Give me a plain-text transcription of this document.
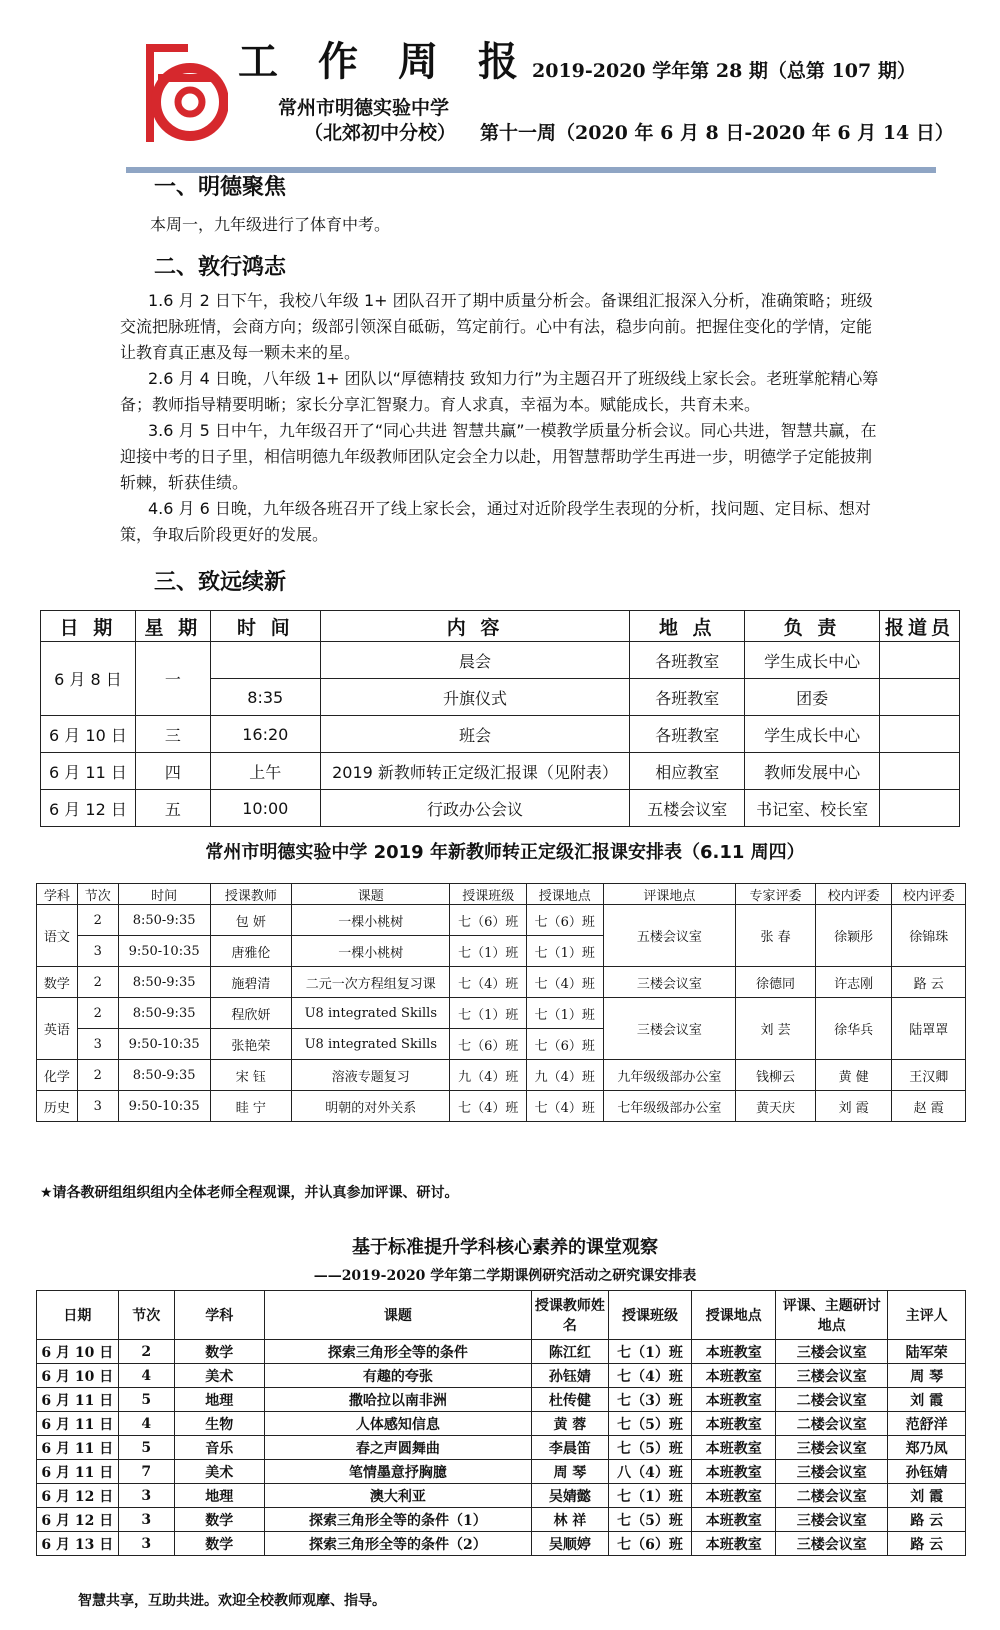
2012
工作周报
2019-2020 学年第 28 期（总第 107 期）
常州市明德实验中学
（北郊初中分校） 第十一周（2020 年 6 月 8 日-2020 年 6 月 14 日）
一、明德聚焦
本周一，九年级进行了体育中考。
二、敦行鸿志
1.6 月 2 日下午，我校八年级 1+ 团队召开了期中质量分析会。备课组汇报深入分析，准确策略；班级交流把脉班情，会商方向；级部引领深自砥砺，笃定前行。心中有法，稳步向前。把握住变化的学情，定能让教育真正惠及每一颗未来的星。
2.6 月 4 日晚，八年级 1+ 团队以“厚德精技 致知力行”为主题召开了班级线上家长会。老班掌舵精心筹备；教师指导精要明晰；家长分享汇智聚力。育人求真，幸福为本。赋能成长，共育未来。
3.6 月 5 日中午，九年级召开了“同心共进 智慧共赢”一模教学质量分析会议。同心共进，智慧共赢，在迎接中考的日子里，相信明德九年级教师团队定会全力以赴，用智慧帮助学生再进一步，明德学子定能披荆斩棘，斩获佳绩。
4.6 月 6 日晚，九年级各班召开了线上家长会，通过对近阶段学生表现的分析，找问题、定目标、想对策，争取后阶段更好的发展。
三、致远续新
日 期	星 期	时 间	内 容	地 点	负 责	报道员
6 月 8 日	一		晨会	各班教室	学生成长中心	
		8:35	升旗仪式	各班教室	团委	
6 月 10 日	三	16:20	班会	各班教室	学生成长中心	
6 月 11 日	四	上午	2019 新教师转正定级汇报课（见附表）	相应教室	教师发展中心	
6 月 12 日	五	10:00	行政办公会议	五楼会议室	书记室、校长室	
常州市明德实验中学 2019 年新教师转正定级汇报课安排表（6.11 周四）
学科	节次	时间	授课教师	课题	授课班级	授课地点	评课地点	专家评委	校内评委	校内评委
语文	2	8:50-9:35	包 妍	一棵小桃树	七（6）班	七（6）班	五楼会议室	张 春	徐颖彤	徐锦珠
	3	9:50-10:35	唐雅伦	一棵小桃树	七（1）班	七（1）班				
数学	2	8:50-9:35	施碧清	二元一次方程组复习课	七（4）班	七（4）班	三楼会议室	徐德同	许志刚	路 云
英语	2	8:50-9:35	程欣妍	U8 integrated Skills	七（1）班	七（1）班	三楼会议室	刘 芸	徐华兵	陆罩罩
	3	9:50-10:35	张艳荣	U8 integrated Skills	七（6）班	七（6）班				
化学	2	8:50-9:35	宋 钰	溶液专题复习	九（4）班	九（4）班	九年级级部办公室	钱柳云	黄 健	王汉卿
历史	3	9:50-10:35	眭 宁	明朝的对外关系	七（4）班	七（4）班	七年级级部办公室	黄天庆	刘 霞	赵 霞
★请各教研组组织组内全体老师全程观课，并认真参加评课、研讨。
基于标准提升学科核心素养的课堂观察
——2019-2020 学年第二学期课例研究活动之研究课安排表
日期	节次	学科	课题	授课教师姓名	授课班级	授课地点	评课、主题研讨地点	主评人
6 月 10 日	2	数学	探索三角形全等的条件	陈江红	七（1）班	本班教室	三楼会议室	陆军荣
6 月 10 日	4	美术	有趣的夸张	孙钰婧	七（4）班	本班教室	三楼会议室	周 琴
6 月 11 日	5	地理	撒哈拉以南非洲	杜传健	七（3）班	本班教室	二楼会议室	刘 霞
6 月 11 日	4	生物	人体感知信息	黄 蓉	七（5）班	本班教室	二楼会议室	范舒洋
6 月 11 日	5	音乐	春之声圆舞曲	李晨笛	七（5）班	本班教室	三楼会议室	郑乃凤
6 月 11 日	7	美术	笔情墨意抒胸臆	周 琴	八（4）班	本班教室	三楼会议室	孙钰婧
6 月 12 日	3	地理	澳大利亚	吴婧懿	七（1）班	本班教室	二楼会议室	刘 霞
6 月 12 日	3	数学	探索三角形全等的条件（1）	林 祥	七（5）班	本班教室	三楼会议室	路 云
6 月 13 日	3	数学	探索三角形全等的条件（2）	吴顺婷	七（6）班	本班教室	三楼会议室	路 云
智慧共享，互助共进。欢迎全校教师观摩、指导。
